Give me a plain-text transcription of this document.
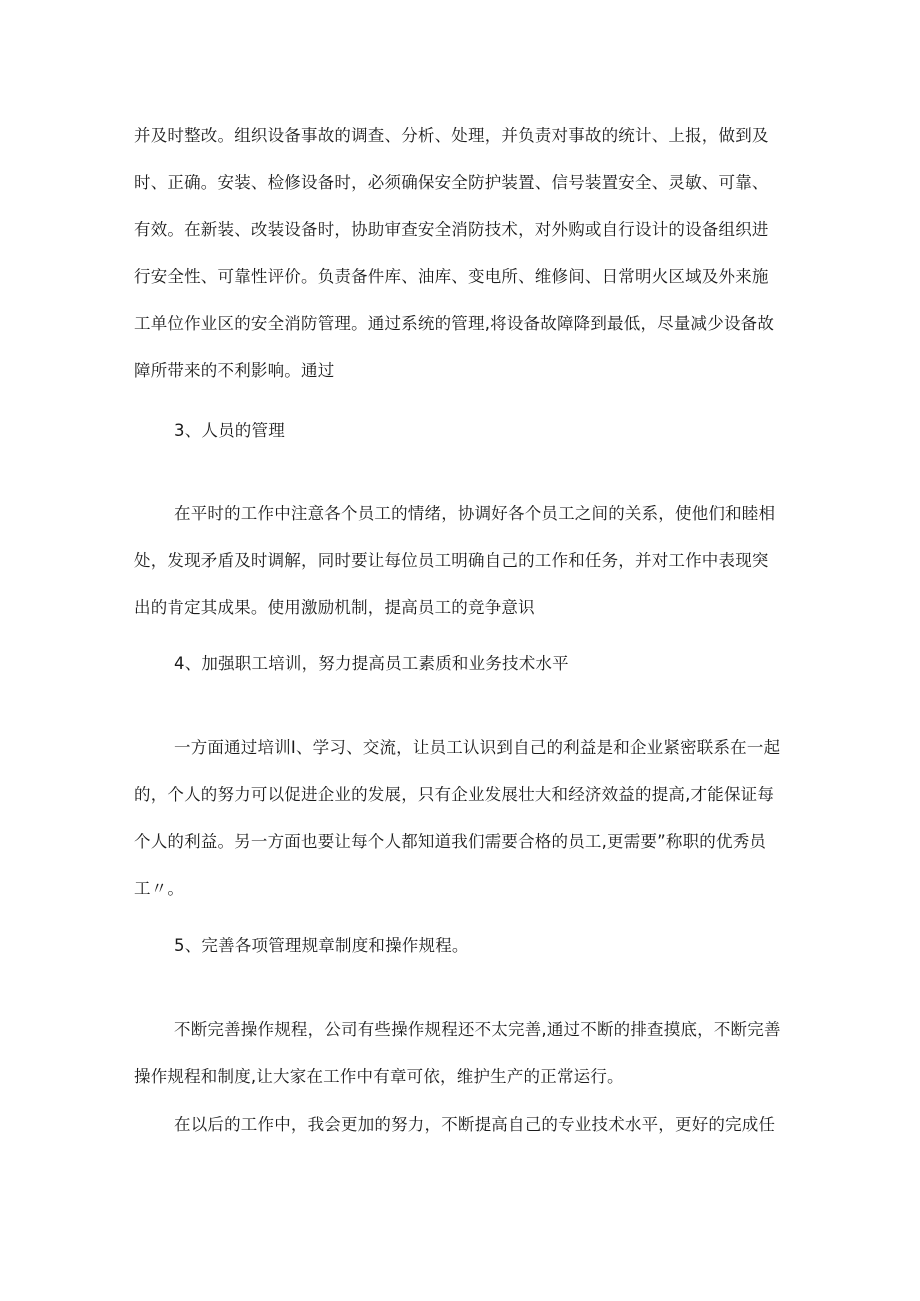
并及时整改。组织设备事故的调查、分析、处理，并负责对事故的统计、上报，做到及
时、正确。安装、检修设备时，必须确保安全防护装置、信号装置安全、灵敏、可靠、
有效。在新装、改装设备时，协助审查安全消防技术，对外购或自行设计的设备组织进
行安全性、可靠性评价。负责备件库、油库、变电所、维修间、日常明火区域及外来施
工单位作业区的安全消防管理。通过系统的管理,将设备故障降到最低，尽量减少设备故
障所带来的不利影响。通过
3、人员的管理
在平时的工作中注意各个员工的情绪，协调好各个员工之间的关系，使他们和睦相
处，发现矛盾及时调解，同时要让每位员工明确自己的工作和任务，并对工作中表现突
出的肯定其成果。使用激励机制，提高员工的竞争意识
4、加强职工培训，努力提高员工素质和业务技术水平
一方面通过培训Ⅰ、学习、交流，让员工认识到自己的利益是和企业紧密联系在一起
的，个人的努力可以促进企业的发展，只有企业发展壮大和经济效益的提高,才能保证每
个人的利益。另一方面也要让每个人都知道我们需要合格的员工,更需要”称职的优秀员
工〃。
5、完善各项管理规章制度和操作规程。
不断完善操作规程，公司有些操作规程还不太完善,通过不断的排查摸底，不断完善
操作规程和制度,让大家在工作中有章可依，维护生产的正常运行。
在以后的工作中，我会更加的努力，不断提高自己的专业技术水平，更好的完成任
